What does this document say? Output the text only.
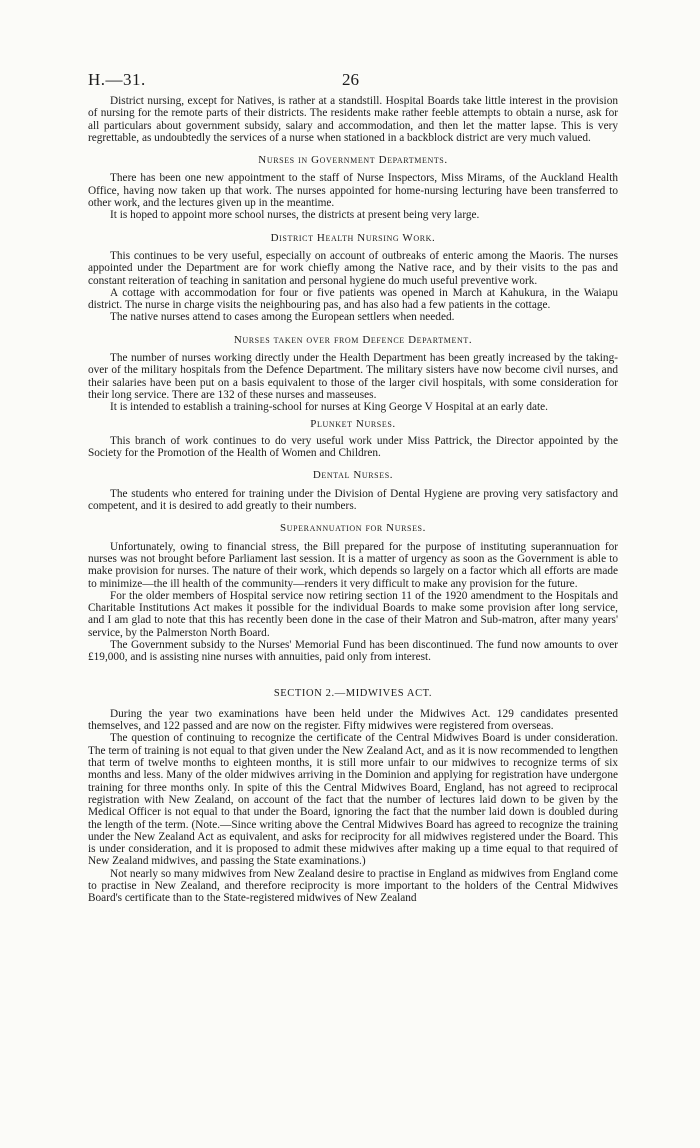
H.—31.	26

District nursing, except for Natives, is rather at a standstill. Hospital Boards take little interest in the provision of nursing for the remote parts of their districts. The residents make rather feeble attempts to obtain a nurse, ask for all particulars about government subsidy, salary and accommodation, and then let the matter lapse. This is very regrettable, as undoubtedly the services of a nurse when stationed in a backblock district are very much valued.

Nurses in Government Departments.

There has been one new appointment to the staff of Nurse Inspectors, Miss Mirams, of the Auckland Health Office, having now taken up that work. The nurses appointed for home-nursing lecturing have been transferred to other work, and the lectures given up in the meantime.

It is hoped to appoint more school nurses, the districts at present being very large.

District Health Nursing Work.

This continues to be very useful, especially on account of outbreaks of enteric among the Maoris. The nurses appointed under the Department are for work chiefly among the Native race, and by their visits to the pas and constant reiteration of teaching in sanitation and personal hygiene do much useful preventive work.

A cottage with accommodation for four or five patients was opened in March at Kahukura, in the Waiapu district. The nurse in charge visits the neighbouring pas, and has also had a few patients in the cottage.

The native nurses attend to cases among the European settlers when needed.

Nurses taken over from Defence Department.

The number of nurses working directly under the Health Department has been greatly increased by the taking-over of the military hospitals from the Defence Department. The military sisters have now become civil nurses, and their salaries have been put on a basis equivalent to those of the larger civil hospitals, with some consideration for their long service. There are 132 of these nurses and masseuses.

It is intended to establish a training-school for nurses at King George V Hospital at an early date.

Plunket Nurses.

This branch of work continues to do very useful work under Miss Pattrick, the Director appointed by the Society for the Promotion of the Health of Women and Children.

Dental Nurses.

The students who entered for training under the Division of Dental Hygiene are proving very satisfactory and competent, and it is desired to add greatly to their numbers.

Superannuation for Nurses.

Unfortunately, owing to financial stress, the Bill prepared for the purpose of instituting superannuation for nurses was not brought before Parliament last session. It is a matter of urgency as soon as the Government is able to make provision for nurses. The nature of their work, which depends so largely on a factor which all efforts are made to minimize—the ill health of the community—renders it very difficult to make any provision for the future.

For the older members of Hospital service now retiring section 11 of the 1920 amendment to the Hospitals and Charitable Institutions Act makes it possible for the individual Boards to make some provision after long service, and I am glad to note that this has recently been done in the case of their Matron and Sub-matron, after many years' service, by the Palmerston North Board.

The Government subsidy to the Nurses' Memorial Fund has been discontinued. The fund now amounts to over £19,000, and is assisting nine nurses with annuities, paid only from interest.

SECTION 2.—MIDWIVES ACT.

During the year two examinations have been held under the Midwives Act. 129 candidates presented themselves, and 122 passed and are now on the register. Fifty midwives were registered from overseas.

The question of continuing to recognize the certificate of the Central Midwives Board is under consideration. The term of training is not equal to that given under the New Zealand Act, and as it is now recommended to lengthen that term of twelve months to eighteen months, it is still more unfair to our midwives to recognize terms of six months and less. Many of the older midwives arriving in the Dominion and applying for registration have undergone training for three months only. In spite of this the Central Midwives Board, England, has not agreed to reciprocal registration with New Zealand, on account of the fact that the number of lectures laid down to be given by the Medical Officer is not equal to that under the Board, ignoring the fact that the number laid down is doubled during the length of the term. (Note.—Since writing above the Central Midwives Board has agreed to recognize the training under the New Zealand Act as equivalent, and asks for reciprocity for all midwives registered under the Board. This is under consideration, and it is proposed to admit these midwives after making up a time equal to that required of New Zealand midwives, and passing the State examinations.)

Not nearly so many midwives from New Zealand desire to practise in England as midwives from England come to practise in New Zealand, and therefore reciprocity is more important to the holders of the Central Midwives Board's certificate than to the State-registered midwives of New Zealand
